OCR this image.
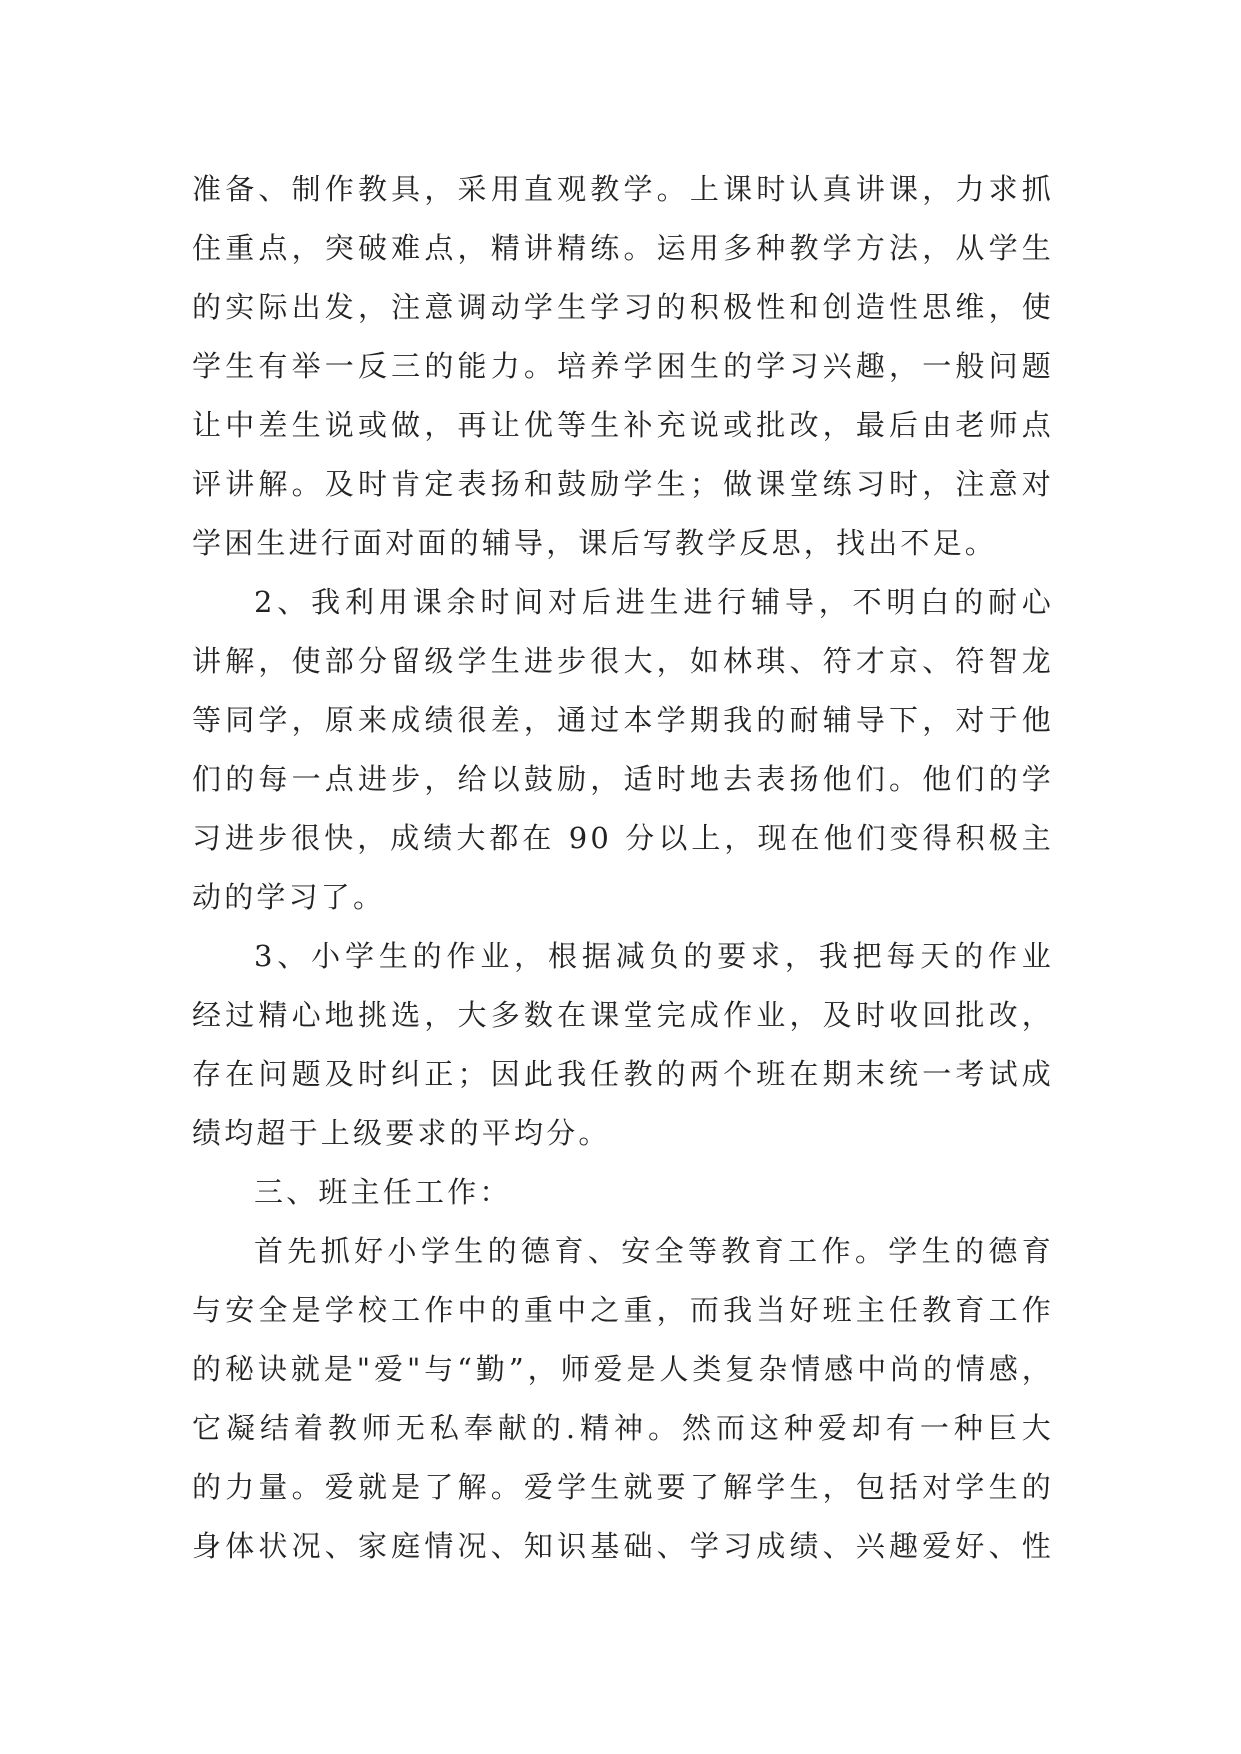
准备、制作教具，采用直观教学。上课时认真讲课，力求抓
住重点，突破难点，精讲精练。运用多种教学方法，从学生
的实际出发，注意调动学生学习的积极性和创造性思维，使
学生有举一反三的能力。培养学困生的学习兴趣，一般问题
让中差生说或做，再让优等生补充说或批改，最后由老师点
评讲解。及时肯定表扬和鼓励学生；做课堂练习时，注意对
学困生进行面对面的辅导，课后写教学反思，找出不足。
2、我利用课余时间对后进生进行辅导，不明白的耐心
讲解，使部分留级学生进步很大，如林琪、符才京、符智龙
等同学，原来成绩很差，通过本学期我的耐辅导下，对于他
们的每一点进步，给以鼓励，适时地去表扬他们。他们的学
习进步很快，成绩大都在 90 分以上，现在他们变得积极主
动的学习了。
3、小学生的作业，根据减负的要求，我把每天的作业
经过精心地挑选，大多数在课堂完成作业，及时收回批改，
存在问题及时纠正；因此我任教的两个班在期末统一考试成
绩均超于上级要求的平均分。
三、班主任工作：
首先抓好小学生的德育、安全等教育工作。学生的德育
与安全是学校工作中的重中之重，而我当好班主任教育工作
的秘诀就是"爱"与“勤”，师爱是人类复杂情感中尚的情感，
它凝结着教师无私奉献的.精神。然而这种爱却有一种巨大
的力量。爱就是了解。爱学生就要了解学生，包括对学生的
身体状况、家庭情况、知识基础、学习成绩、兴趣爱好、性
